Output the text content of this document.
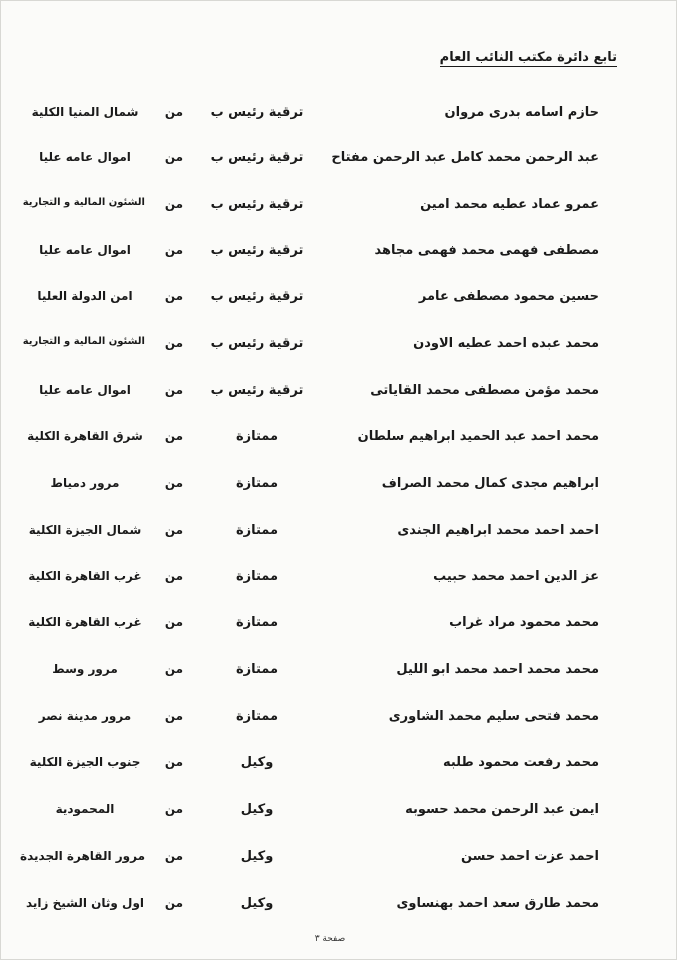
تابع دائرة مكتب النائب العام
حازم اسامه بدرى مروان
ترقية رئيس ب
من
شمال المنيا الكلية
عبد الرحمن محمد كامل عبد الرحمن مفتاح
ترقية رئيس ب
من
اموال عامه عليا
عمرو عماد عطيه محمد امين
ترقية رئيس ب
من
الشئون المالية و التجارية
مصطفى فهمى محمد فهمى مجاهد
ترقية رئيس ب
من
اموال عامه عليا
حسين محمود مصطفى عامر
ترقية رئيس ب
من
امن الدولة العليا
محمد عبده احمد عطيه الاودن
ترقية رئيس ب
من
الشئون المالية و التجارية
محمد مؤمن مصطفى محمد القاياتى
ترقية رئيس ب
من
اموال عامه عليا
محمد احمد عبد الحميد ابراهيم سلطان
ممتازة
من
شرق القاهرة الكلية
ابراهيم مجدى كمال محمد الصراف
ممتازة
من
مرور دمياط
احمد احمد محمد ابراهيم الجندى
ممتازة
من
شمال الجيزة الكلية
عز الدين احمد محمد حبيب
ممتازة
من
غرب القاهرة الكلية
محمد محمود مراد غراب
ممتازة
من
غرب القاهرة الكلية
محمد محمد احمد محمد ابو الليل
ممتازة
من
مرور وسط
محمد فتحى سليم محمد الشاورى
ممتازة
من
مرور مدينة نصر
محمد رفعت محمود طلبه
وكيل
من
جنوب الجيزة الكلية
ايمن عبد الرحمن محمد حسوبه
وكيل
من
المحمودية
احمد عزت احمد حسن
وكيل
من
مرور القاهرة الجديدة
محمد طارق سعد احمد بهنساوى
وكيل
من
اول وثان الشيخ زايد
صفحة ٣
